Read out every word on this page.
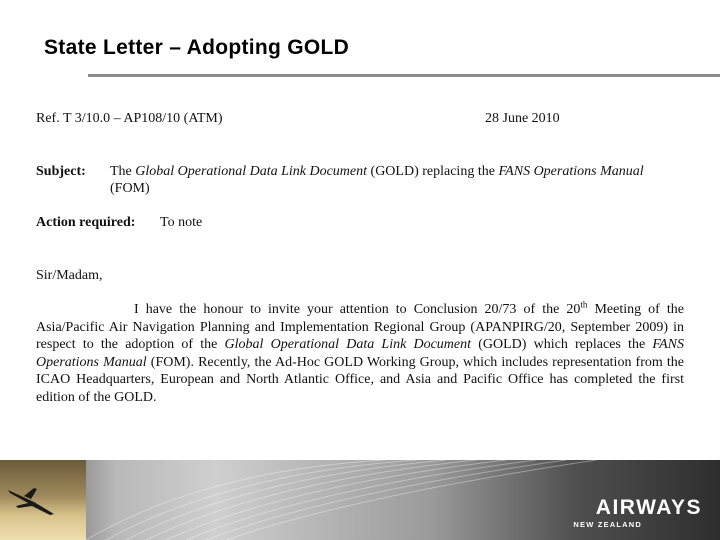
State Letter – Adopting GOLD
Ref. T 3/10.0 – AP108/10 (ATM)	28 June 2010
Subject: The Global Operational Data Link Document (GOLD) replacing the FANS Operations Manual (FOM)
Action required: To note
Sir/Madam,
I have the honour to invite your attention to Conclusion 20/73 of the 20th Meeting of the Asia/Pacific Air Navigation Planning and Implementation Regional Group (APANPIRG/20, September 2009) in respect to the adoption of the Global Operational Data Link Document (GOLD) which replaces the FANS Operations Manual (FOM). Recently, the Ad-Hoc GOLD Working Group, which includes representation from the ICAO Headquarters, European and North Atlantic Office, and Asia and Pacific Office has completed the first edition of the GOLD.
AIRWAYS
NEW ZEALAND
